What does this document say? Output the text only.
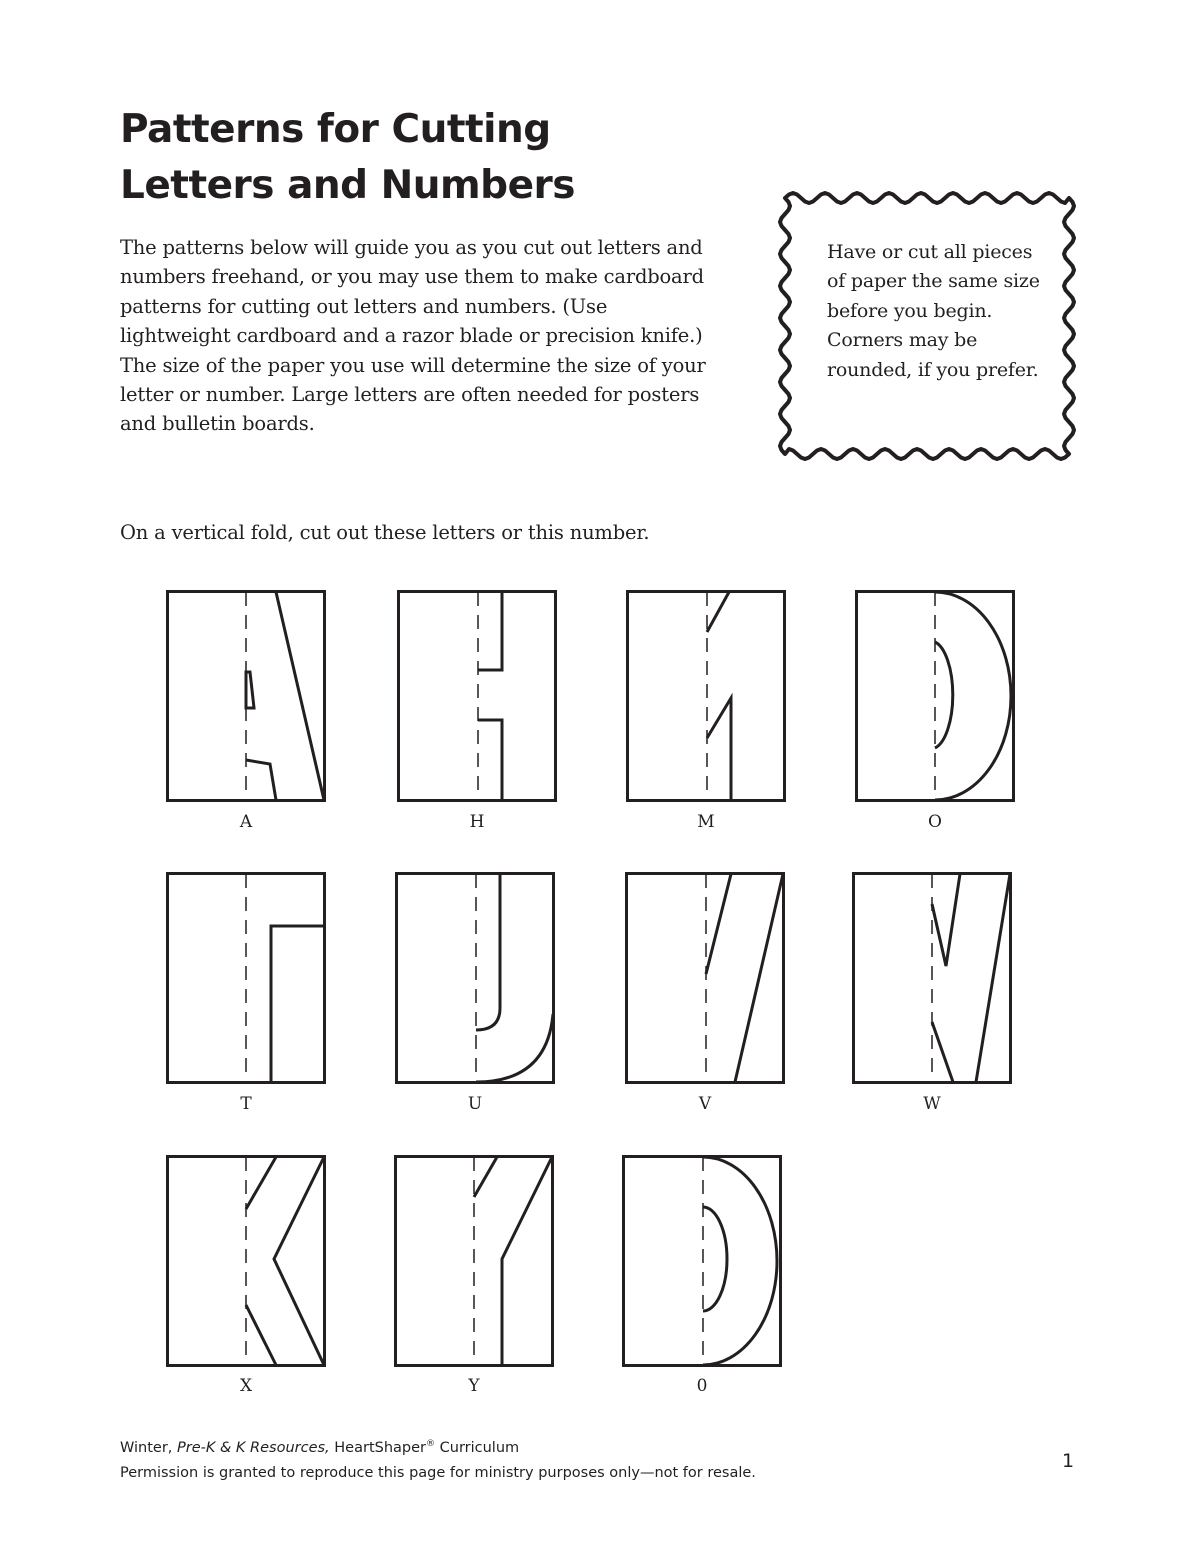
Patterns for Cutting
Letters and Numbers

The patterns below will guide you as you cut out letters and numbers freehand, or you may use them to make cardboard patterns for cutting out letters and numbers. (Use lightweight cardboard and a razor blade or precision knife.) The size of the paper you use will determine the size of your letter or number. Large letters are often needed for posters and bulletin boards.

Have or cut all pieces of paper the same size before you begin. Corners may be rounded, if you prefer.

On a vertical fold, cut out these letters or this number.

A	H	M	O
T	U	V	W
X	Y	0

Winter, Pre-K & K Resources, HeartShaper® Curriculum

Permission is granted to reproduce this page for ministry purposes only—not for resale.

1
